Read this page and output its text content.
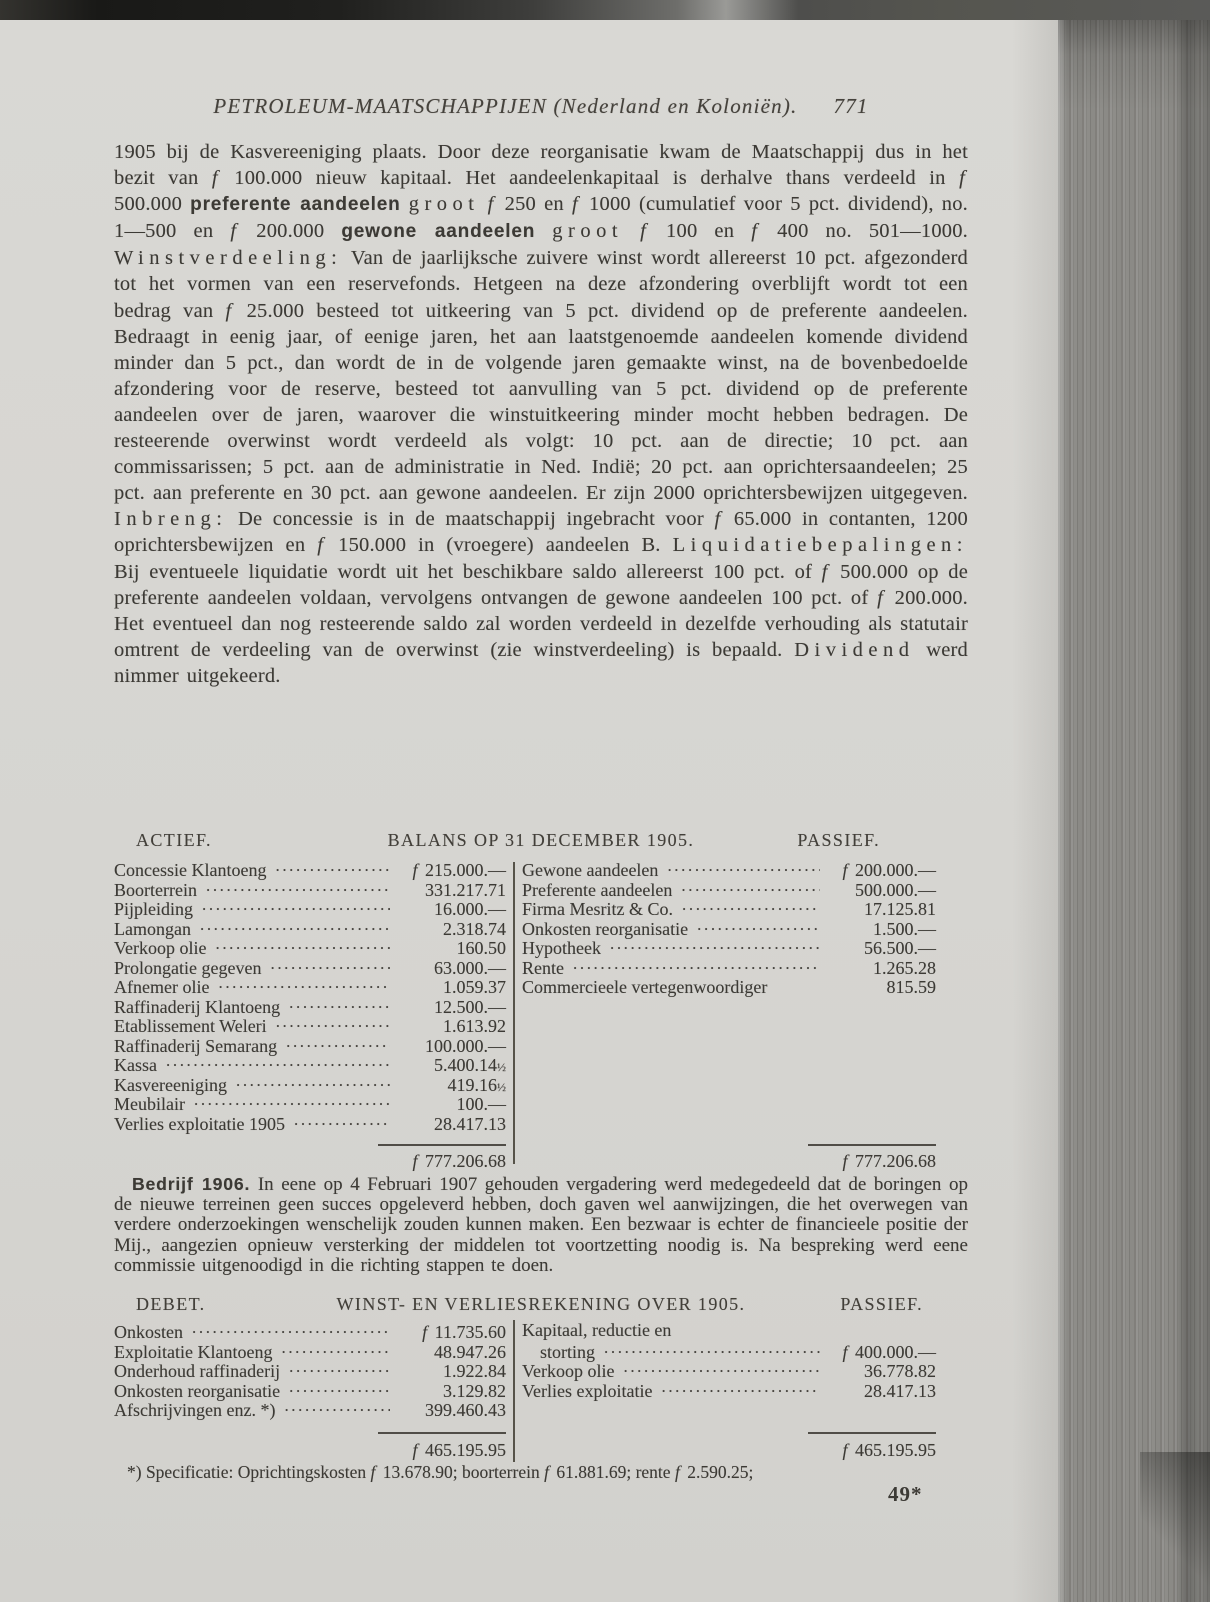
PETROLEUM-MAATSCHAPPIJEN (Nederland en Koloniën). 771
1905 bij de Kasvereeniging plaats. Door deze reorganisatie kwam de Maatschappij dus in het bezit van f 100.000 nieuw kapitaal. Het aandeelenkapitaal is derhalve thans verdeeld in f 500.000 preferente aandeelen groot f 250 en f 1000 (cumulatief voor 5 pct. dividend), no. 1—500 en f 200.000 gewone aandeelen groot f 100 en f 400 no. 501—1000. Winstverdeeling: Van de jaarlijksche zuivere winst wordt allereerst 10 pct. afgezonderd tot het vormen van een reservefonds. Hetgeen na deze afzondering overblijft wordt tot een bedrag van f 25.000 besteed tot uitkeering van 5 pct. dividend op de preferente aandeelen. Bedraagt in eenig jaar, of eenige jaren, het aan laatstgenoemde aandeelen komende dividend minder dan 5 pct., dan wordt de in de volgende jaren gemaakte winst, na de bovenbedoelde afzondering voor de reserve, besteed tot aanvulling van 5 pct. dividend op de preferente aandeelen over de jaren, waarover die winstuitkeering minder mocht hebben bedragen. De resteerende overwinst wordt verdeeld als volgt: 10 pct. aan de directie; 10 pct. aan commissarissen; 5 pct. aan de administratie in Ned. Indië; 20 pct. aan oprichtersaandeelen; 25 pct. aan preferente en 30 pct. aan gewone aandeelen. Er zijn 2000 oprichtersbewijzen uitgegeven. Inbreng: De concessie is in de maatschappij ingebracht voor f 65.000 in contanten, 1200 oprichtersbewijzen en f 150.000 in (vroegere) aandeelen B. Liquidatiebepalingen: Bij eventueele liquidatie wordt uit het beschikbare saldo allereerst 100 pct. of f 500.000 op de preferente aandeelen voldaan, vervolgens ontvangen de gewone aandeelen 100 pct. of f 200.000. Het eventueel dan nog resteerende saldo zal worden verdeeld in dezelfde verhouding als statutair omtrent de verdeeling van de overwinst (zie winstverdeeling) is bepaald. Dividend werd nimmer uitgekeerd.
ACTIEF.	BALANS OP 31 DECEMBER 1905.	PASSIEF.
Concessie Klantoeng .....	f 215.000.—
Boorterrein .....	331.217.71
Pijpleiding .....	16.000.—
Lamongan .....	2.318.74
Verkoop olie .....	160.50
Prolongatie gegeven .....	63.000.—
Afnemer olie .....	1.059.37
Raffinaderij Klantoeng .....	12.500.—
Etablissement Weleri .....	1.613.92
Raffinaderij Semarang .....	100.000.—
Kassa .....	5.400.14½
Kasvereeniging .....	419.16½
Meubilair .....	100.—
Verlies exploitatie 1905 .....	28.417.13
Gewone aandeelen .....	f 200.000.—
Preferente aandeelen .....	500.000.—
Firma Mesritz & Co. .....	17.125.81
Onkosten reorganisatie .....	1.500.—
Hypotheek .....	56.500.—
Rente .....	1.265.28
Commercieele vertegenwoordiger	815.59
f 777.206.68	f 777.206.68
Bedrijf 1906. In eene op 4 Februari 1907 gehouden vergadering werd medegedeeld dat de boringen op de nieuwe terreinen geen succes opgeleverd hebben, doch gaven wel aanwijzingen, die het overwegen van verdere onderzoekingen wenschelijk zouden kunnen maken. Een bezwaar is echter de financieele positie der Mij., aangezien opnieuw versterking der middelen tot voortzetting noodig is. Na bespreking werd eene commissie uitgenoodigd in die richting stappen te doen.
DEBET.	WINST- EN VERLIESREKENING OVER 1905.	PASSIEF.
Onkosten .....	f 11.735.60
Exploitatie Klantoeng .....	48.947.26
Onderhoud raffinaderij .....	1.922.84
Onkosten reorganisatie .....	3.129.82
Afschrijvingen enz. *) .....	399.460.43
Kapitaal, reductie en
storting .....	f 400.000.—
Verkoop olie .....	36.778.82
Verlies exploitatie .....	28.417.13
f 465.195.95	f 465.195.95
*) Specificatie: Oprichtingskosten f 13.678.90; boorterrein f 61.881.69; rente f 2.590.25;
49*
